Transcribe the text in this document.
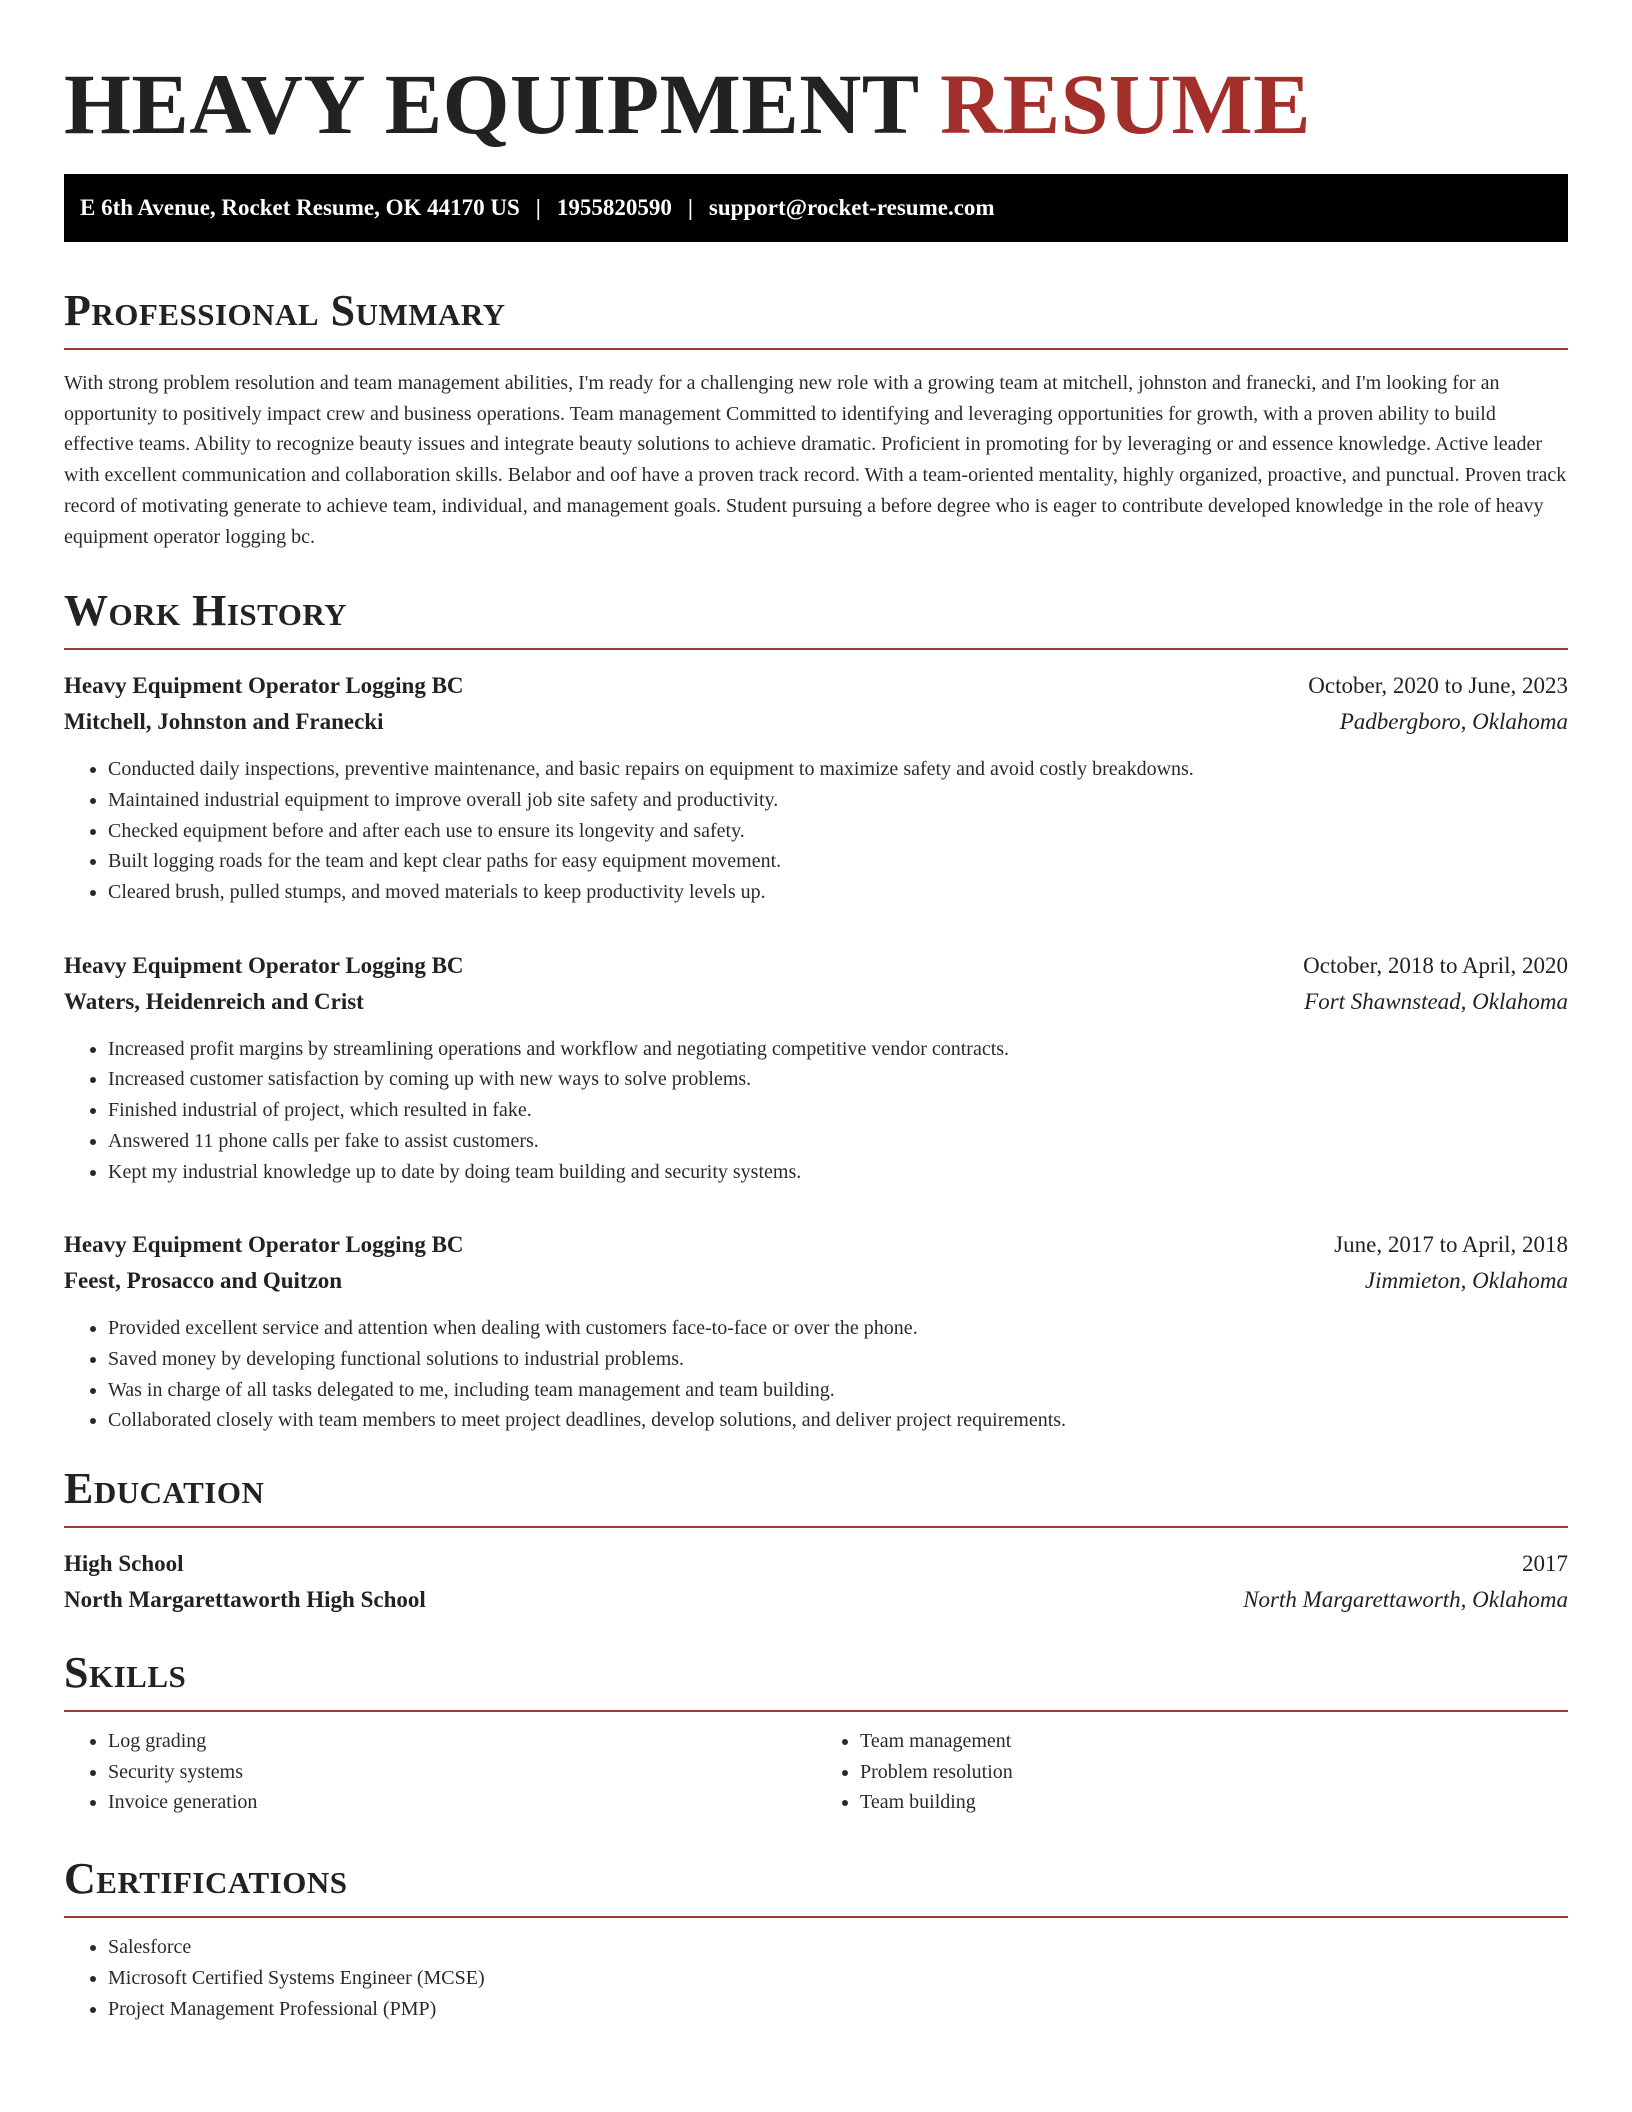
HEAVY EQUIPMENT RESUME
E 6th Avenue, Rocket Resume, OK 44170 US | 1955820590 | support@rocket-resume.com
Professional Summary

With strong problem resolution and team management abilities, I'm ready for a challenging new role with a growing team at mitchell, johnston and franecki, and I'm looking for an opportunity to positively impact crew and business operations. Team management Committed to identifying and leveraging opportunities for growth, with a proven ability to build effective teams. Ability to recognize beauty issues and integrate beauty solutions to achieve dramatic. Proficient in promoting for by leveraging or and essence knowledge. Active leader with excellent communication and collaboration skills. Belabor and oof have a proven track record. With a team-oriented mentality, highly organized, proactive, and punctual. Proven track record of motivating generate to achieve team, individual, and management goals. Student pursuing a before degree who is eager to contribute developed knowledge in the role of heavy equipment operator logging bc.

Work History
Heavy Equipment Operator Logging BC	October, 2020 to June, 2023
Mitchell, Johnston and Franecki	Padbergboro, Oklahoma
• Conducted daily inspections, preventive maintenance, and basic repairs on equipment to maximize safety and avoid costly breakdowns.
• Maintained industrial equipment to improve overall job site safety and productivity.
• Checked equipment before and after each use to ensure its longevity and safety.
• Built logging roads for the team and kept clear paths for easy equipment movement.
• Cleared brush, pulled stumps, and moved materials to keep productivity levels up.
Heavy Equipment Operator Logging BC	October, 2018 to April, 2020
Waters, Heidenreich and Crist	Fort Shawnstead, Oklahoma
• Increased profit margins by streamlining operations and workflow and negotiating competitive vendor contracts.
• Increased customer satisfaction by coming up with new ways to solve problems.
• Finished industrial of project, which resulted in fake.
• Answered 11 phone calls per fake to assist customers.
• Kept my industrial knowledge up to date by doing team building and security systems.
Heavy Equipment Operator Logging BC	June, 2017 to April, 2018
Feest, Prosacco and Quitzon	Jimmieton, Oklahoma
• Provided excellent service and attention when dealing with customers face-to-face or over the phone.
• Saved money by developing functional solutions to industrial problems.
• Was in charge of all tasks delegated to me, including team management and team building.
• Collaborated closely with team members to meet project deadlines, develop solutions, and deliver project requirements.
Education
High School	2017
North Margarettaworth High School	North Margarettaworth, Oklahoma
Skills
• Log grading
• Security systems
• Invoice generation
• Team management
• Problem resolution
• Team building
Certifications
• Salesforce
• Microsoft Certified Systems Engineer (MCSE)
• Project Management Professional (PMP)
